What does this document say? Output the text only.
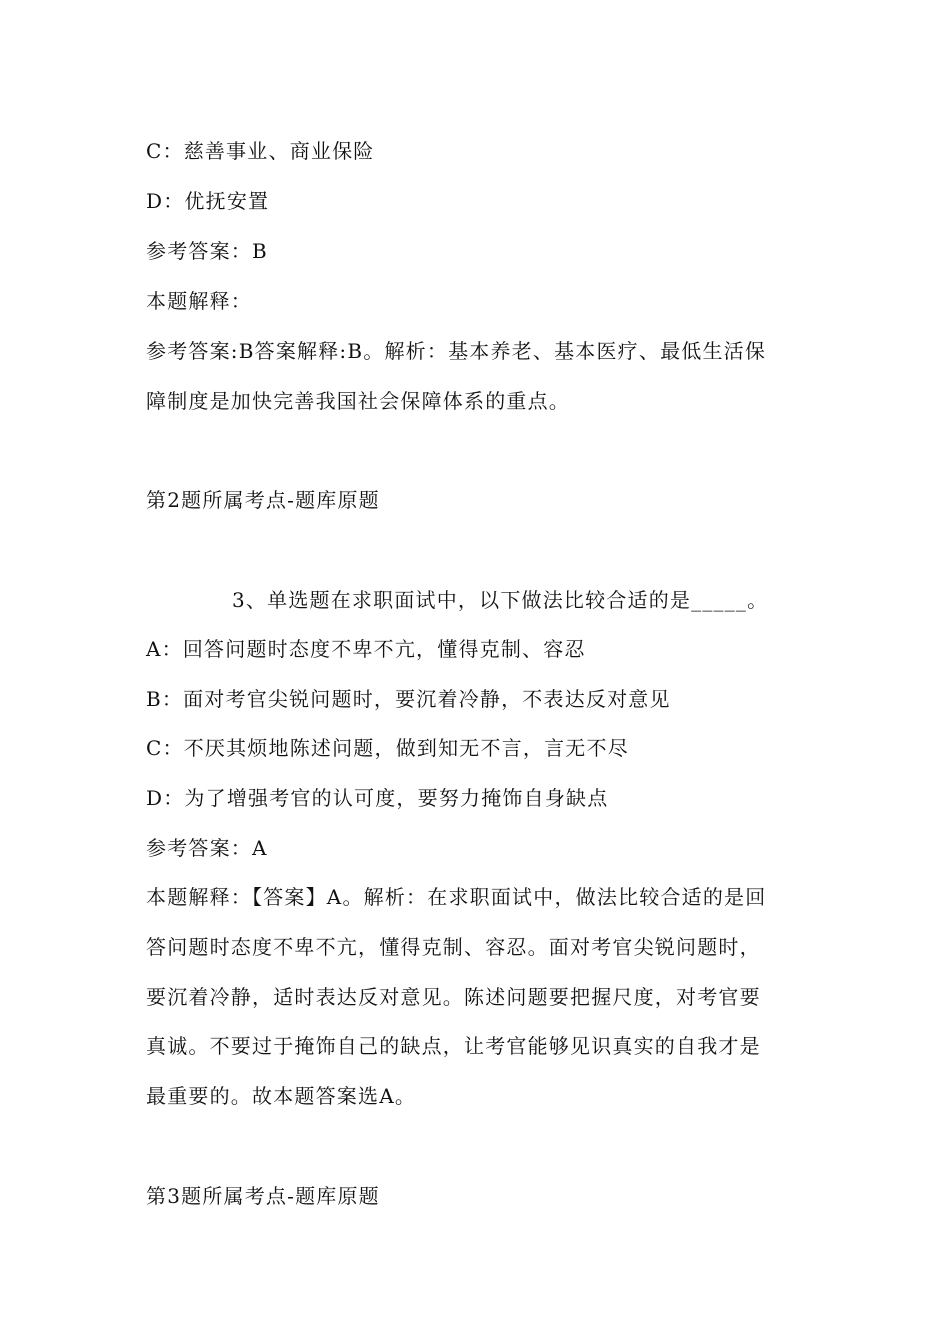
C：慈善事业、商业保险
D：优抚安置
参考答案：B
本题解释：
参考答案:B答案解释:B。解析：基本养老、基本医疗、最低生活保
障制度是加快完善我国社会保障体系的重点。
第2题所属考点-题库原题
3、单选题在求职面试中，以下做法比较合适的是_____。
A：回答问题时态度不卑不亢，懂得克制、容忍
B：面对考官尖锐问题时，要沉着冷静，不表达反对意见
C：不厌其烦地陈述问题，做到知无不言，言无不尽
D：为了增强考官的认可度，要努力掩饰自身缺点
参考答案：A
本题解释：【答案】A。解析：在求职面试中，做法比较合适的是回
答问题时态度不卑不亢，懂得克制、容忍。面对考官尖锐问题时，
要沉着冷静，适时表达反对意见。陈述问题要把握尺度，对考官要
真诚。不要过于掩饰自己的缺点，让考官能够见识真实的自我才是
最重要的。故本题答案选A。
第3题所属考点-题库原题
